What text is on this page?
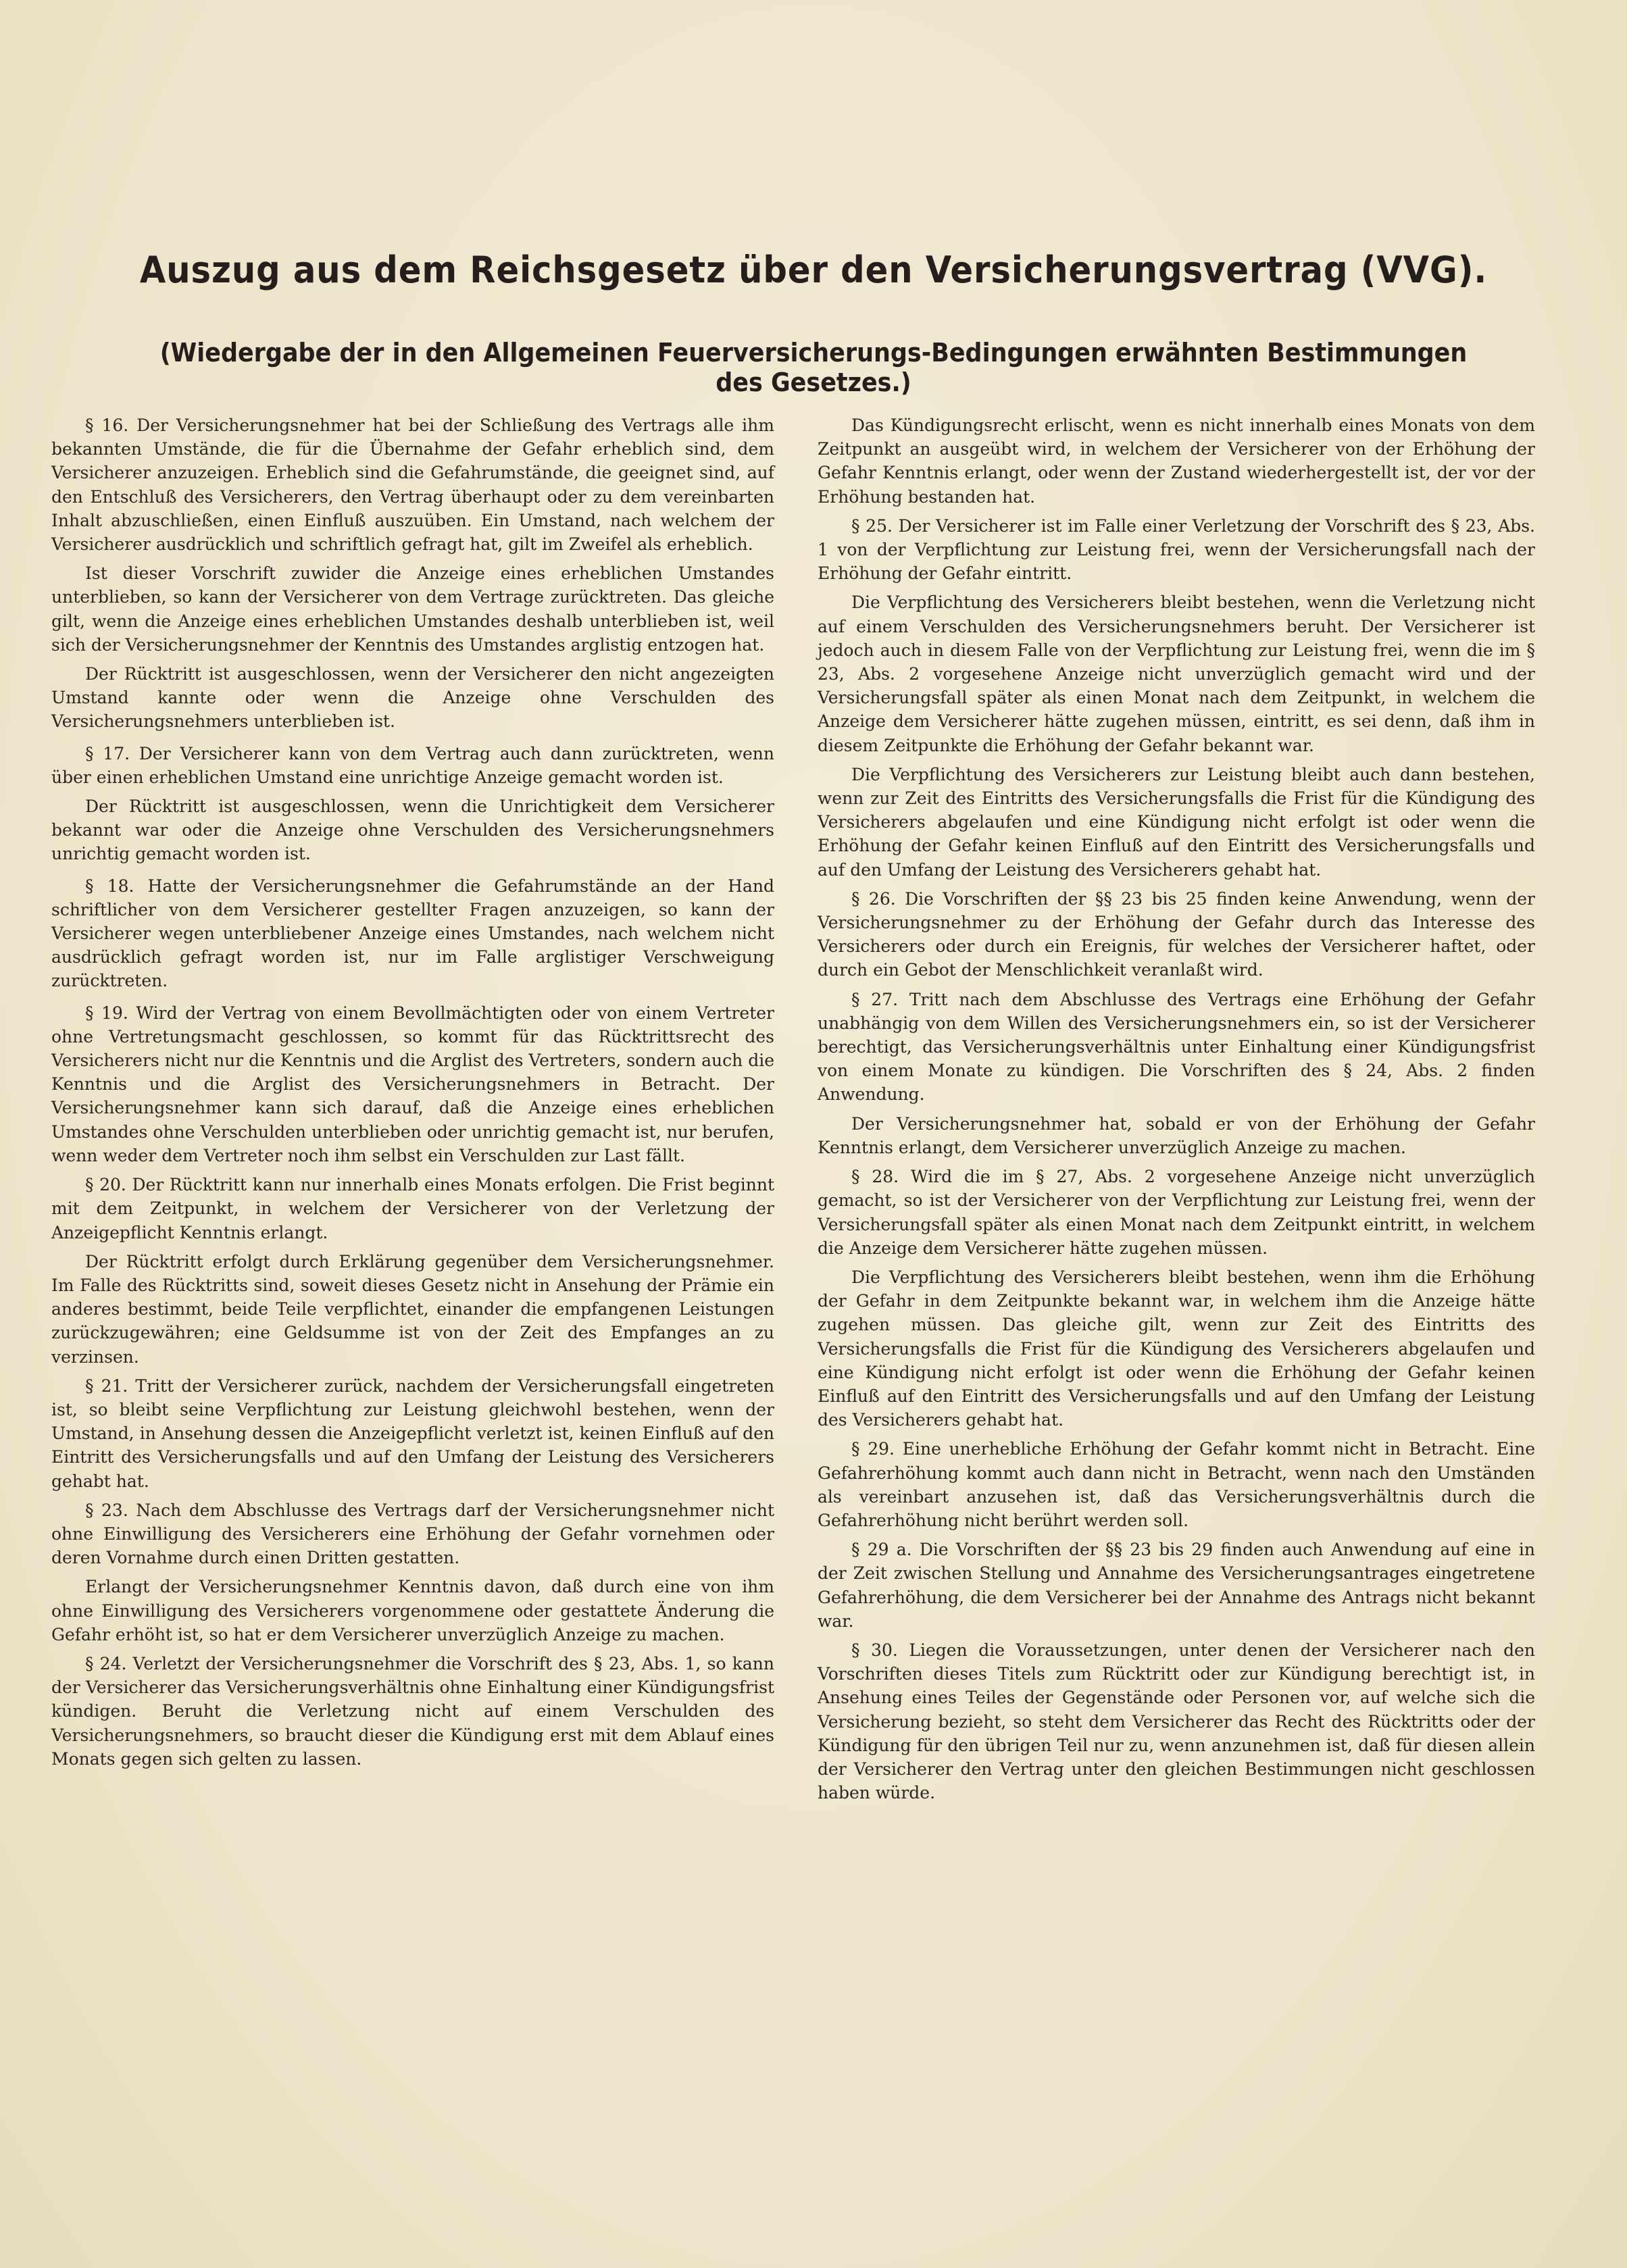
Auszug aus dem Reichsgesetz über den Versicherungsvertrag (VVG).
(Wiedergabe der in den Allgemeinen Feuerversicherungs-Bedingungen erwähnten Bestimmungen des Gesetzes.)

§ 16. Der Versicherungsnehmer hat bei der Schließung des Vertrags alle ihm bekannten Umstände, die für die Übernahme der Gefahr erheblich sind, dem Versicherer anzuzeigen. Erheblich sind die Gefahrumstände, die geeignet sind, auf den Entschluß des Versicherers, den Vertrag überhaupt oder zu dem vereinbarten Inhalt abzuschließen, einen Einfluß auszuüben. Ein Umstand, nach welchem der Versicherer ausdrücklich und schriftlich gefragt hat, gilt im Zweifel als erheblich.

Ist dieser Vorschrift zuwider die Anzeige eines erheblichen Umstandes unterblieben, so kann der Versicherer von dem Vertrage zurücktreten. Das gleiche gilt, wenn die Anzeige eines erheblichen Umstandes deshalb unterblieben ist, weil sich der Versicherungsnehmer der Kenntnis des Umstandes arglistig entzogen hat.

Der Rücktritt ist ausgeschlossen, wenn der Versicherer den nicht angezeigten Umstand kannte oder wenn die Anzeige ohne Verschulden des Versicherungsnehmers unterblieben ist.

§ 17. Der Versicherer kann von dem Vertrag auch dann zurücktreten, wenn über einen erheblichen Umstand eine unrichtige Anzeige gemacht worden ist.

Der Rücktritt ist ausgeschlossen, wenn die Unrichtigkeit dem Versicherer bekannt war oder die Anzeige ohne Verschulden des Versicherungsnehmers unrichtig gemacht worden ist.

§ 18. Hatte der Versicherungsnehmer die Gefahrumstände an der Hand schriftlicher von dem Versicherer gestellter Fragen anzuzeigen, so kann der Versicherer wegen unterbliebener Anzeige eines Umstandes, nach welchem nicht ausdrücklich gefragt worden ist, nur im Falle arglistiger Verschweigung zurücktreten.

§ 19. Wird der Vertrag von einem Bevollmächtigten oder von einem Vertreter ohne Vertretungsmacht geschlossen, so kommt für das Rücktrittsrecht des Versicherers nicht nur die Kenntnis und die Arglist des Vertreters, sondern auch die Kenntnis und die Arglist des Versicherungsnehmers in Betracht. Der Versicherungsnehmer kann sich darauf, daß die Anzeige eines erheblichen Umstandes ohne Verschulden unterblieben oder unrichtig gemacht ist, nur berufen, wenn weder dem Vertreter noch ihm selbst ein Verschulden zur Last fällt.

§ 20. Der Rücktritt kann nur innerhalb eines Monats erfolgen. Die Frist beginnt mit dem Zeitpunkt, in welchem der Versicherer von der Verletzung der Anzeigepflicht Kenntnis erlangt.

Der Rücktritt erfolgt durch Erklärung gegenüber dem Versicherungsnehmer. Im Falle des Rücktritts sind, soweit dieses Gesetz nicht in Ansehung der Prämie ein anderes bestimmt, beide Teile verpflichtet, einander die empfangenen Leistungen zurückzugewähren; eine Geldsumme ist von der Zeit des Empfanges an zu verzinsen.

§ 21. Tritt der Versicherer zurück, nachdem der Versicherungsfall eingetreten ist, so bleibt seine Verpflichtung zur Leistung gleichwohl bestehen, wenn der Umstand, in Ansehung dessen die Anzeigepflicht verletzt ist, keinen Einfluß auf den Eintritt des Versicherungsfalls und auf den Umfang der Leistung des Versicherers gehabt hat.

§ 23. Nach dem Abschlusse des Vertrags darf der Versicherungsnehmer nicht ohne Einwilligung des Versicherers eine Erhöhung der Gefahr vornehmen oder deren Vornahme durch einen Dritten gestatten.

Erlangt der Versicherungsnehmer Kenntnis davon, daß durch eine von ihm ohne Einwilligung des Versicherers vorgenommene oder gestattete Änderung die Gefahr erhöht ist, so hat er dem Versicherer unverzüglich Anzeige zu machen.

§ 24. Verletzt der Versicherungsnehmer die Vorschrift des § 23, Abs. 1, so kann der Versicherer das Versicherungsverhältnis ohne Einhaltung einer Kündigungsfrist kündigen. Beruht die Verletzung nicht auf einem Verschulden des Versicherungsnehmers, so braucht dieser die Kündigung erst mit dem Ablauf eines Monats gegen sich gelten zu lassen.

Das Kündigungsrecht erlischt, wenn es nicht innerhalb eines Monats von dem Zeitpunkt an ausgeübt wird, in welchem der Versicherer von der Erhöhung der Gefahr Kenntnis erlangt, oder wenn der Zustand wiederhergestellt ist, der vor der Erhöhung bestanden hat.

§ 25. Der Versicherer ist im Falle einer Verletzung der Vorschrift des § 23, Abs. 1 von der Verpflichtung zur Leistung frei, wenn der Versicherungsfall nach der Erhöhung der Gefahr eintritt.

Die Verpflichtung des Versicherers bleibt bestehen, wenn die Verletzung nicht auf einem Verschulden des Versicherungsnehmers beruht. Der Versicherer ist jedoch auch in diesem Falle von der Verpflichtung zur Leistung frei, wenn die im § 23, Abs. 2 vorgesehene Anzeige nicht unverzüglich gemacht wird und der Versicherungsfall später als einen Monat nach dem Zeitpunkt, in welchem die Anzeige dem Versicherer hätte zugehen müssen, eintritt, es sei denn, daß ihm in diesem Zeitpunkte die Erhöhung der Gefahr bekannt war.

Die Verpflichtung des Versicherers zur Leistung bleibt auch dann bestehen, wenn zur Zeit des Eintritts des Versicherungsfalls die Frist für die Kündigung des Versicherers abgelaufen und eine Kündigung nicht erfolgt ist oder wenn die Erhöhung der Gefahr keinen Einfluß auf den Eintritt des Versicherungsfalls und auf den Umfang der Leistung des Versicherers gehabt hat.

§ 26. Die Vorschriften der §§ 23 bis 25 finden keine Anwendung, wenn der Versicherungsnehmer zu der Erhöhung der Gefahr durch das Interesse des Versicherers oder durch ein Ereignis, für welches der Versicherer haftet, oder durch ein Gebot der Menschlichkeit veranlaßt wird.

§ 27. Tritt nach dem Abschlusse des Vertrags eine Erhöhung der Gefahr unabhängig von dem Willen des Versicherungsnehmers ein, so ist der Versicherer berechtigt, das Versicherungsverhältnis unter Einhaltung einer Kündigungsfrist von einem Monate zu kündigen. Die Vorschriften des § 24, Abs. 2 finden Anwendung.

Der Versicherungsnehmer hat, sobald er von der Erhöhung der Gefahr Kenntnis erlangt, dem Versicherer unverzüglich Anzeige zu machen.

§ 28. Wird die im § 27, Abs. 2 vorgesehene Anzeige nicht unverzüglich gemacht, so ist der Versicherer von der Verpflichtung zur Leistung frei, wenn der Versicherungsfall später als einen Monat nach dem Zeitpunkt eintritt, in welchem die Anzeige dem Versicherer hätte zugehen müssen.

Die Verpflichtung des Versicherers bleibt bestehen, wenn ihm die Erhöhung der Gefahr in dem Zeitpunkte bekannt war, in welchem ihm die Anzeige hätte zugehen müssen. Das gleiche gilt, wenn zur Zeit des Eintritts des Versicherungsfalls die Frist für die Kündigung des Versicherers abgelaufen und eine Kündigung nicht erfolgt ist oder wenn die Erhöhung der Gefahr keinen Einfluß auf den Eintritt des Versicherungsfalls und auf den Umfang der Leistung des Versicherers gehabt hat.

§ 29. Eine unerhebliche Erhöhung der Gefahr kommt nicht in Betracht. Eine Gefahrerhöhung kommt auch dann nicht in Betracht, wenn nach den Umständen als vereinbart anzusehen ist, daß das Versicherungsverhältnis durch die Gefahrerhöhung nicht berührt werden soll.

§ 29 a. Die Vorschriften der §§ 23 bis 29 finden auch Anwendung auf eine in der Zeit zwischen Stellung und Annahme des Versicherungsantrages eingetretene Gefahrerhöhung, die dem Versicherer bei der Annahme des Antrags nicht bekannt war.

§ 30. Liegen die Voraussetzungen, unter denen der Versicherer nach den Vorschriften dieses Titels zum Rücktritt oder zur Kündigung berechtigt ist, in Ansehung eines Teiles der Gegenstände oder Personen vor, auf welche sich die Versicherung bezieht, so steht dem Versicherer das Recht des Rücktritts oder der Kündigung für den übrigen Teil nur zu, wenn anzunehmen ist, daß für diesen allein der Versicherer den Vertrag unter den gleichen Bestimmungen nicht geschlossen haben würde.
